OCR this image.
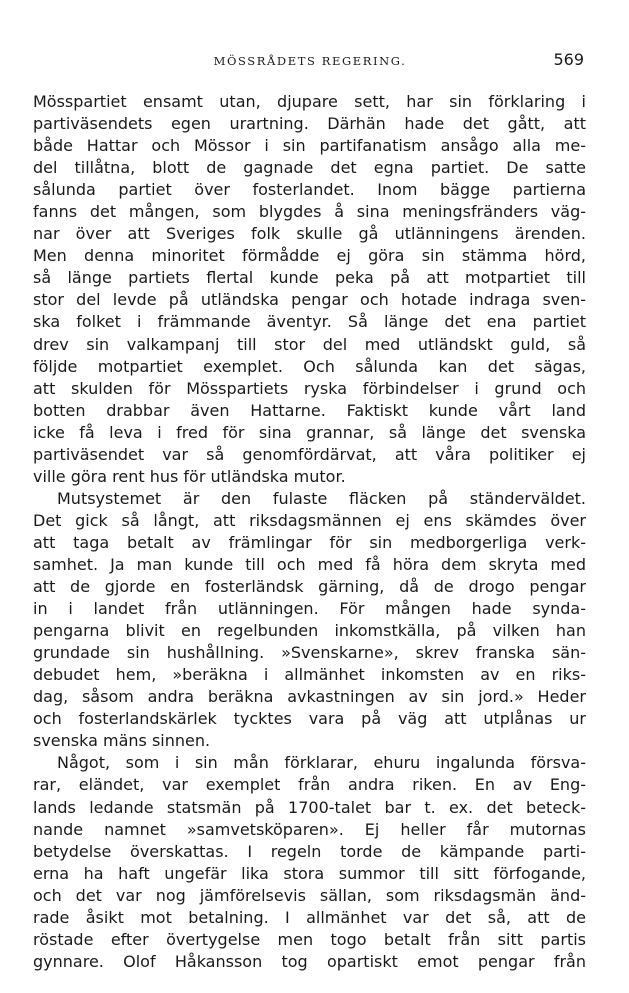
MÖSSRÅDETS REGERING.	569
Mösspartiet ensamt utan, djupare sett, har sin förklaring i
partiväsendets egen urartning. Därhän hade det gått, att
både Hattar och Mössor i sin partifanatism ansågo alla me-
del tillåtna, blott de gagnade det egna partiet. De satte
sålunda partiet över fosterlandet. Inom bägge partierna
fanns det mången, som blygdes å sina meningsfränders väg-
nar över att Sveriges folk skulle gå utlänningens ärenden.
Men denna minoritet förmådde ej göra sin stämma hörd,
så länge partiets flertal kunde peka på att motpartiet till
stor del levde på utländska pengar och hotade indraga sven-
ska folket i främmande äventyr. Så länge det ena partiet
drev sin valkampanj till stor del med utländskt guld, så
följde motpartiet exemplet. Och sålunda kan det sägas,
att skulden för Mösspartiets ryska förbindelser i grund och
botten drabbar även Hattarne. Faktiskt kunde vårt land
icke få leva i fred för sina grannar, så länge det svenska
partiväsendet var så genomfördärvat, att våra politiker ej
ville göra rent hus för utländska mutor.
Mutsystemet är den fulaste fläcken på ständerväldet.
Det gick så långt, att riksdagsmännen ej ens skämdes över
att taga betalt av främlingar för sin medborgerliga verk-
samhet. Ja man kunde till och med få höra dem skryta med
att de gjorde en fosterländsk gärning, då de drogo pengar
in i landet från utlänningen. För mången hade synda-
pengarna blivit en regelbunden inkomstkälla, på vilken han
grundade sin hushållning. »Svenskarne», skrev franska sän-
debudet hem, »beräkna i allmänhet inkomsten av en riks-
dag, såsom andra beräkna avkastningen av sin jord.» Heder
och fosterlandskärlek tycktes vara på väg att utplånas ur
svenska mäns sinnen.
Något, som i sin mån förklarar, ehuru ingalunda försva-
rar, eländet, var exemplet från andra riken. En av Eng-
lands ledande statsmän på 1700-talet bar t. ex. det beteck-
nande namnet »samvetsköparen». Ej heller får mutornas
betydelse överskattas. I regeln torde de kämpande parti-
erna ha haft ungefär lika stora summor till sitt förfogande,
och det var nog jämförelsevis sällan, som riksdagsmän änd-
rade åsikt mot betalning. I allmänhet var det så, att de
röstade efter övertygelse men togo betalt från sitt partis
gynnare. Olof Håkansson tog opartiskt emot pengar från
